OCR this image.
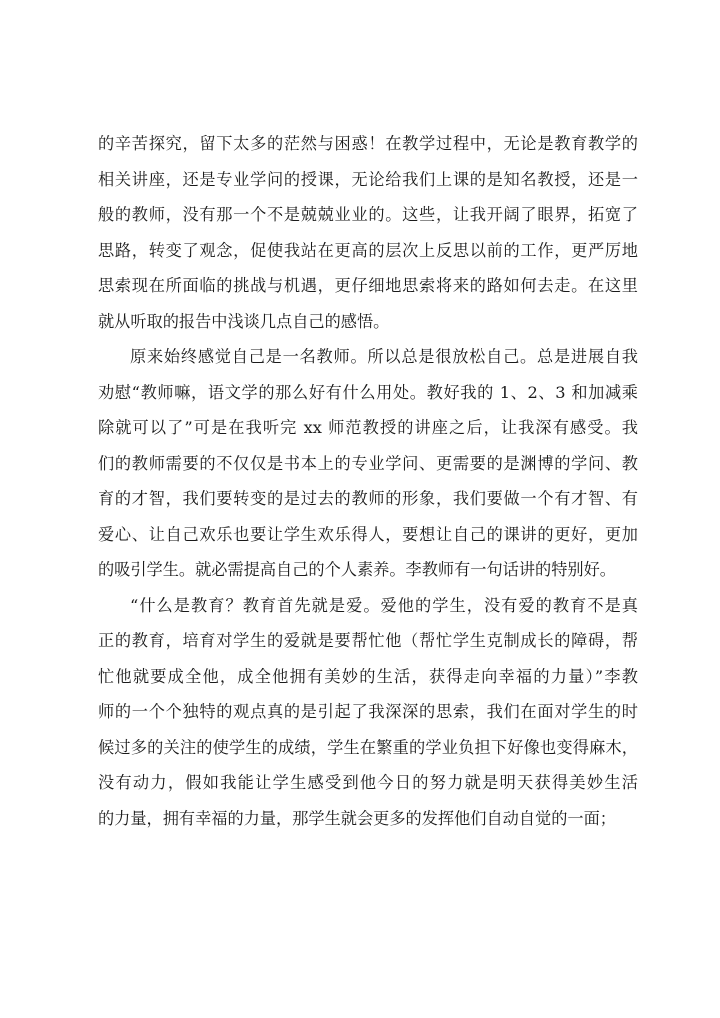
的辛苦探究，留下太多的茫然与困惑！在教学过程中，无论是教育教学的
相关讲座，还是专业学问的授课，无论给我们上课的是知名教授，还是一
般的教师，没有那一个不是兢兢业业的。这些，让我开阔了眼界，拓宽了
思路，转变了观念，促使我站在更高的层次上反思以前的工作，更严厉地
思索现在所面临的挑战与机遇，更仔细地思索将来的路如何去走。在这里
就从听取的报告中浅谈几点自己的感悟。
原来始终感觉自己是一名教师。所以总是很放松自己。总是进展自我
劝慰“教师嘛，语文学的那么好有什么用处。教好我的 1、2、3 和加减乘
除就可以了”可是在我听完 xx 师范教授的讲座之后，让我深有感受。我
们的教师需要的不仅仅是书本上的专业学问、更需要的是渊博的学问、教
育的才智，我们要转变的是过去的教师的形象，我们要做一个有才智、有
爱心、让自己欢乐也要让学生欢乐得人，要想让自己的课讲的更好，更加
的吸引学生。就必需提高自己的个人素养。李教师有一句话讲的特别好。
“什么是教育？教育首先就是爱。爱他的学生，没有爱的教育不是真
正的教育，培育对学生的爱就是要帮忙他（帮忙学生克制成长的障碍，帮
忙他就要成全他，成全他拥有美妙的生活，获得走向幸福的力量）”李教
师的一个个独特的观点真的是引起了我深深的思索，我们在面对学生的时
候过多的关注的使学生的成绩，学生在繁重的学业负担下好像也变得麻木，
没有动力，假如我能让学生感受到他今日的努力就是明天获得美妙生活
的力量，拥有幸福的力量，那学生就会更多的发挥他们自动自觉的一面；
